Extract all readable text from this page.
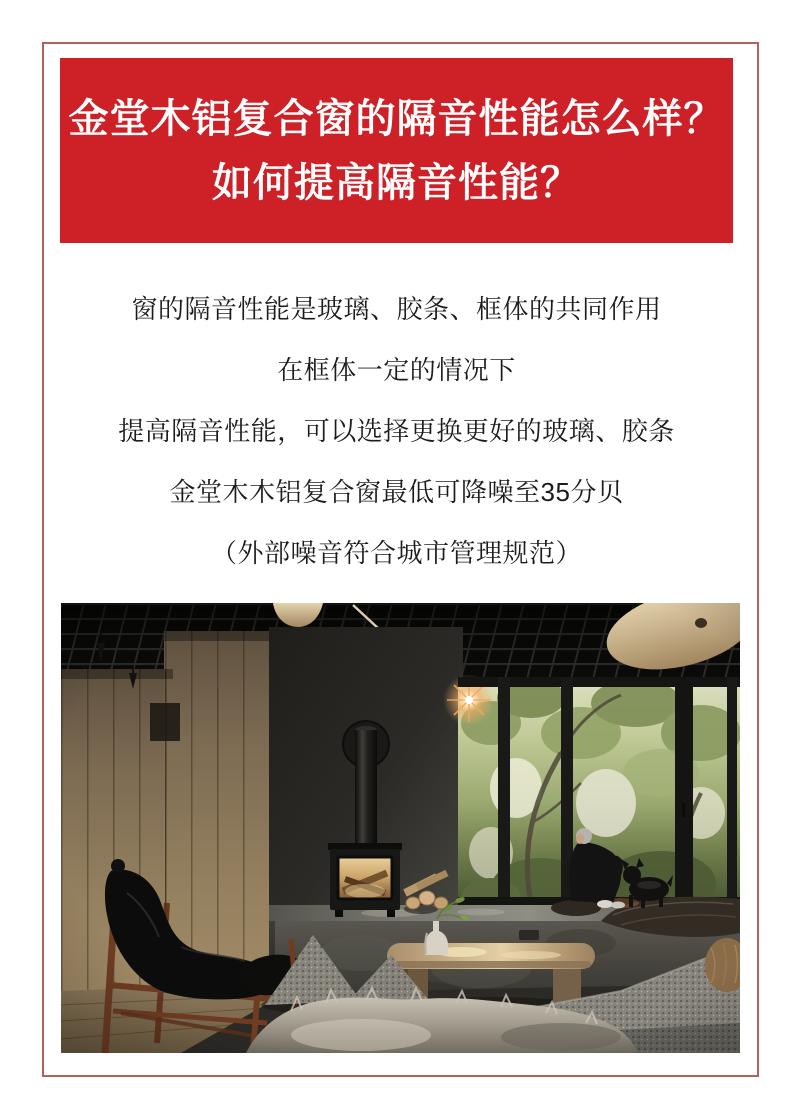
金堂木铝复合窗的隔音性能怎么样？
如何提高隔音性能？
窗的隔音性能是玻璃、胶条、框体的共同作用
在框体一定的情况下
提高隔音性能，可以选择更换更好的玻璃、胶条
金堂木木铝复合窗最低可降噪至35分贝
（外部噪音符合城市管理规范）
